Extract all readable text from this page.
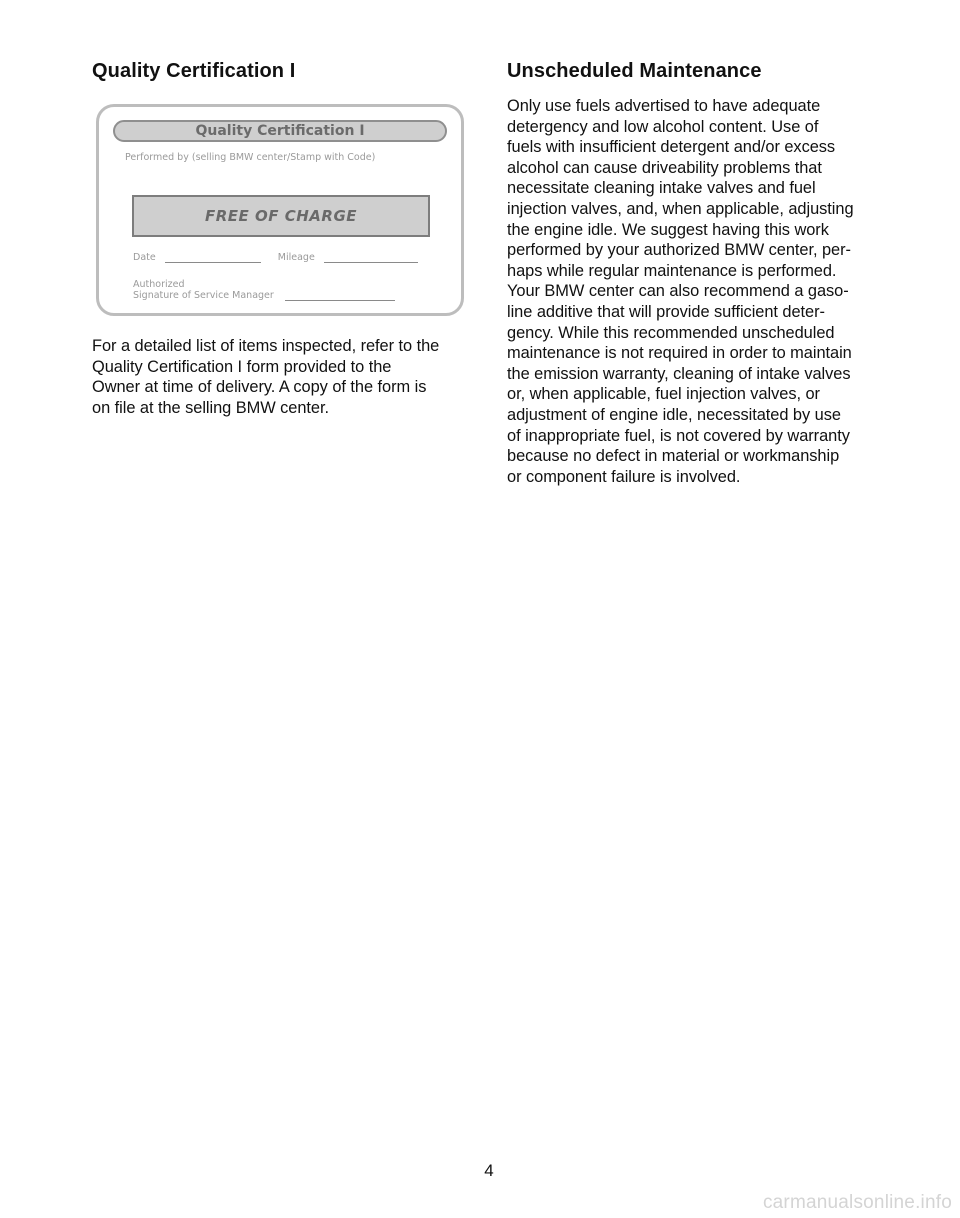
Quality Certification I
Quality Certification I
Performed by (selling BMW center/Stamp with Code)
FREE OF CHARGE
Date	Mileage
Authorized
Signature of Service Manager
For a detailed list of items inspected, refer to the
Quality Certification I form provided to the
Owner at time of delivery. A copy of the form is
on file at the selling BMW center.
Unscheduled Maintenance
Only use fuels advertised to have adequate
detergency and low alcohol content. Use of
fuels with insufficient detergent and/or excess
alcohol can cause driveability problems that
necessitate cleaning intake valves and fuel
injection valves, and, when applicable, adjusting
the engine idle. We suggest having this work
performed by your authorized BMW center, per-
haps while regular maintenance is performed.
Your BMW center can also recommend a gaso-
line additive that will provide sufficient deter-
gency. While this recommended unscheduled
maintenance is not required in order to maintain
the emission warranty, cleaning of intake valves
or, when applicable, fuel injection valves, or
adjustment of engine idle, necessitated by use
of inappropriate fuel, is not covered by warranty
because no defect in material or workmanship
or component failure is involved.
4
carmanualsonline.info
